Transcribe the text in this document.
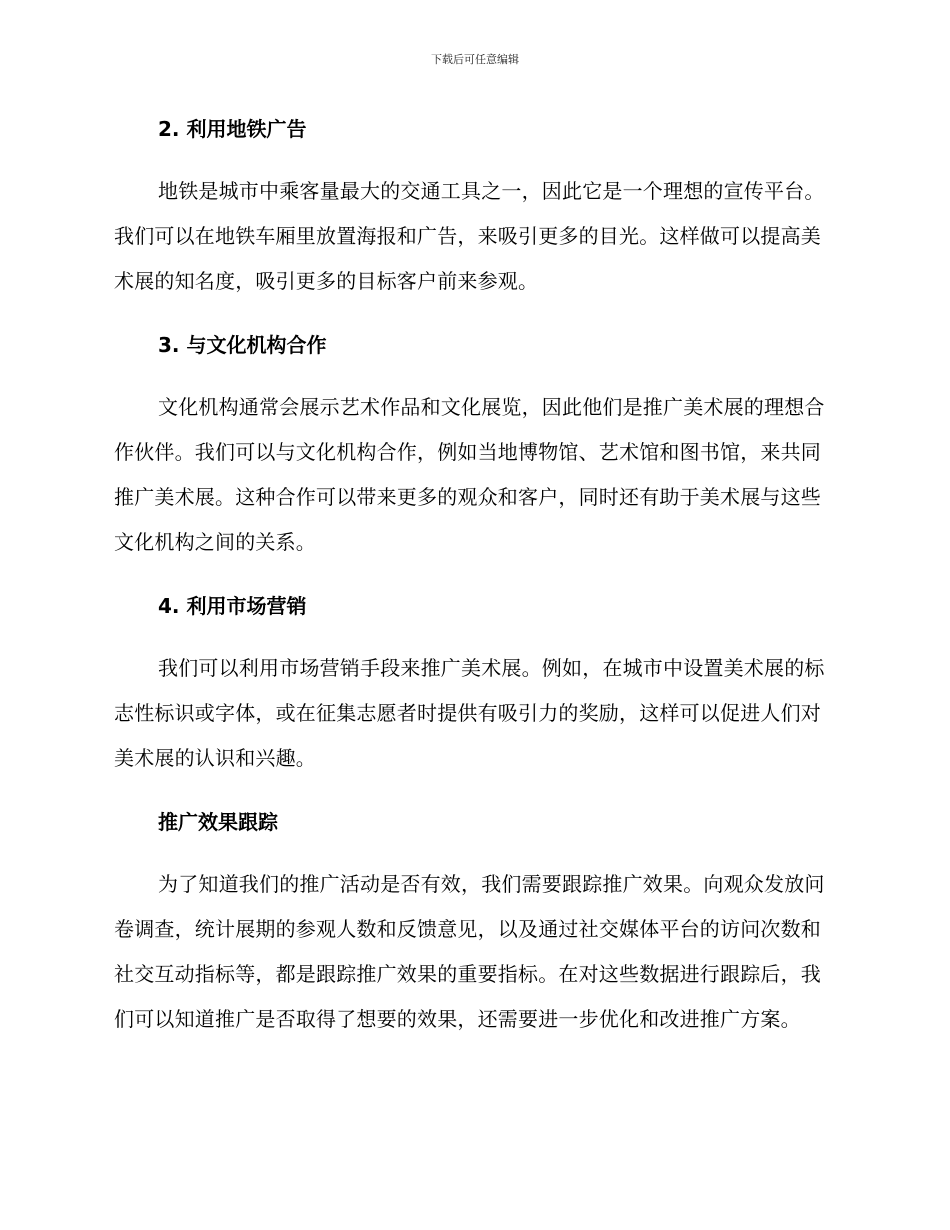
下载后可任意编辑
2. 利用地铁广告

地铁是城市中乘客量最大的交通工具之一，因此它是一个理想的宣传平台。我们可以在地铁车厢里放置海报和广告，来吸引更多的目光。这样做可以提高美术展的知名度，吸引更多的目标客户前来参观。

3. 与文化机构合作

文化机构通常会展示艺术作品和文化展览，因此他们是推广美术展的理想合作伙伴。我们可以与文化机构合作，例如当地博物馆、艺术馆和图书馆，来共同推广美术展。这种合作可以带来更多的观众和客户，同时还有助于美术展与这些文化机构之间的关系。

4. 利用市场营销

我们可以利用市场营销手段来推广美术展。例如，在城市中设置美术展的标志性标识或字体，或在征集志愿者时提供有吸引力的奖励，这样可以促进人们对美术展的认识和兴趣。

推广效果跟踪

为了知道我们的推广活动是否有效，我们需要跟踪推广效果。向观众发放问卷调查，统计展期的参观人数和反馈意见，以及通过社交媒体平台的访问次数和社交互动指标等，都是跟踪推广效果的重要指标。在对这些数据进行跟踪后，我们可以知道推广是否取得了想要的效果，还需要进一步优化和改进推广方案。
